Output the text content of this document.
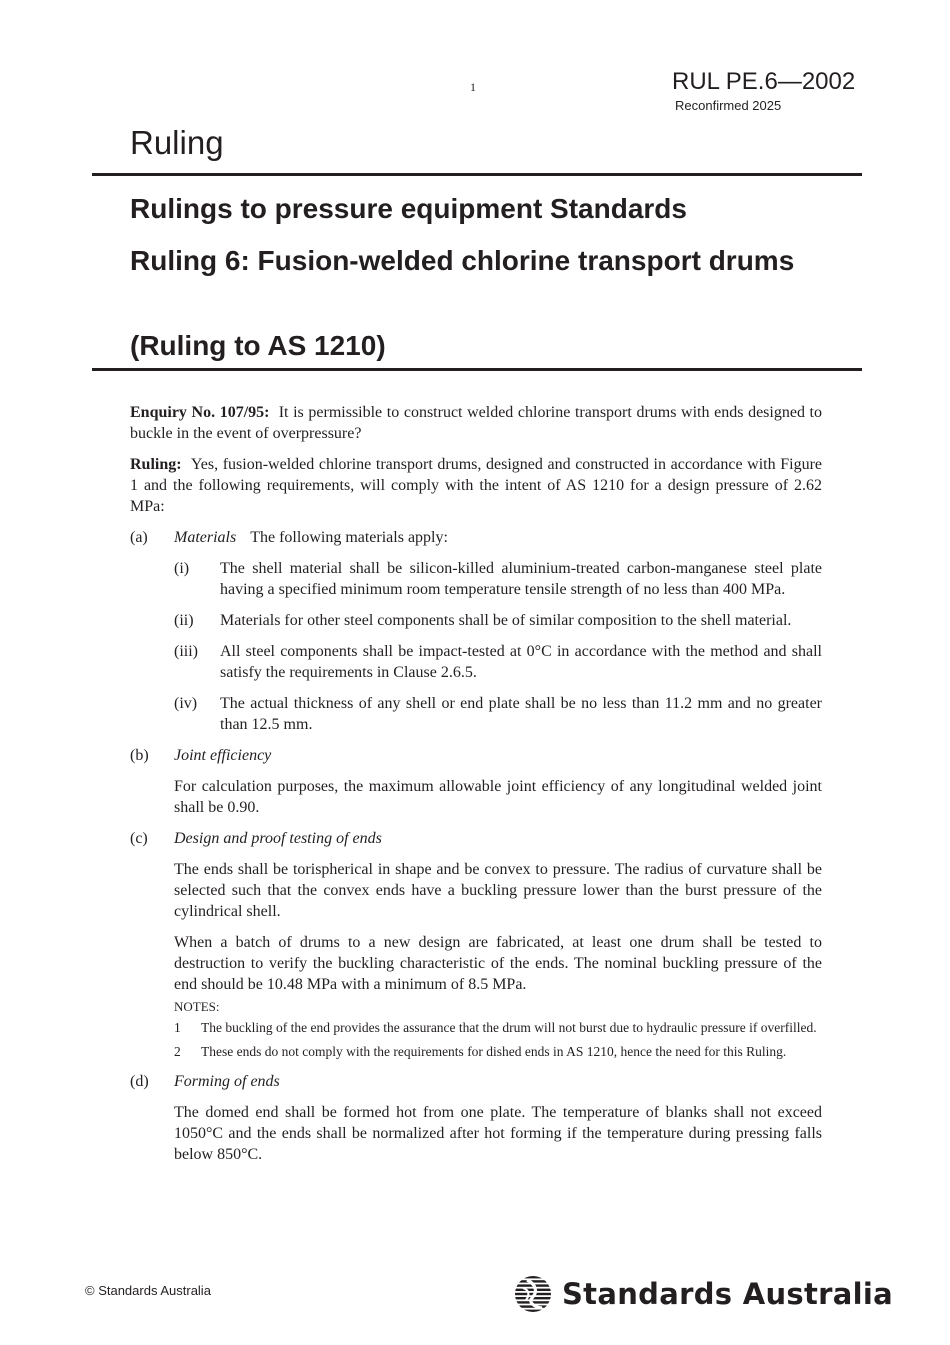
1	RUL PE.6—2002
Reconfirmed 2025
Ruling
Rulings to pressure equipment Standards
Ruling 6: Fusion-welded chlorine transport drums
(Ruling to AS 1210)

Enquiry No. 107/95: It is permissible to construct welded chlorine transport drums with ends designed to buckle in the event of overpressure?

Ruling: Yes, fusion-welded chlorine transport drums, designed and constructed in accordance with Figure 1 and the following requirements, will comply with the intent of AS 1210 for a design pressure of 2.62 MPa:

(a) Materials The following materials apply:
(i) The shell material shall be silicon-killed aluminium-treated carbon-manganese steel plate having a specified minimum room temperature tensile strength of no less than 400 MPa.
(ii) Materials for other steel components shall be of similar composition to the shell material.
(iii) All steel components shall be impact-tested at 0°C in accordance with the method and shall satisfy the requirements in Clause 2.6.5.
(iv) The actual thickness of any shell or end plate shall be no less than 11.2 mm and no greater than 12.5 mm.
(b) Joint efficiency

For calculation purposes, the maximum allowable joint efficiency of any longitudinal welded joint shall be 0.90.

(c) Design and proof testing of ends

The ends shall be torispherical in shape and be convex to pressure. The radius of curvature shall be selected such that the convex ends have a buckling pressure lower than the burst pressure of the cylindrical shell.

When a batch of drums to a new design are fabricated, at least one drum shall be tested to destruction to verify the buckling characteristic of the ends. The nominal buckling pressure of the end should be 10.48 MPa with a minimum of 8.5 MPa.

NOTES:
1 The buckling of the end provides the assurance that the drum will not burst due to hydraulic pressure if overfilled.
2 These ends do not comply with the requirements for dished ends in AS 1210, hence the need for this Ruling.
(d) Forming of ends

The domed end shall be formed hot from one plate. The temperature of blanks shall not exceed 1050°C and the ends shall be normalized after hot forming if the temperature during pressing falls below 850°C.

© Standards Australia	Standards Australia
